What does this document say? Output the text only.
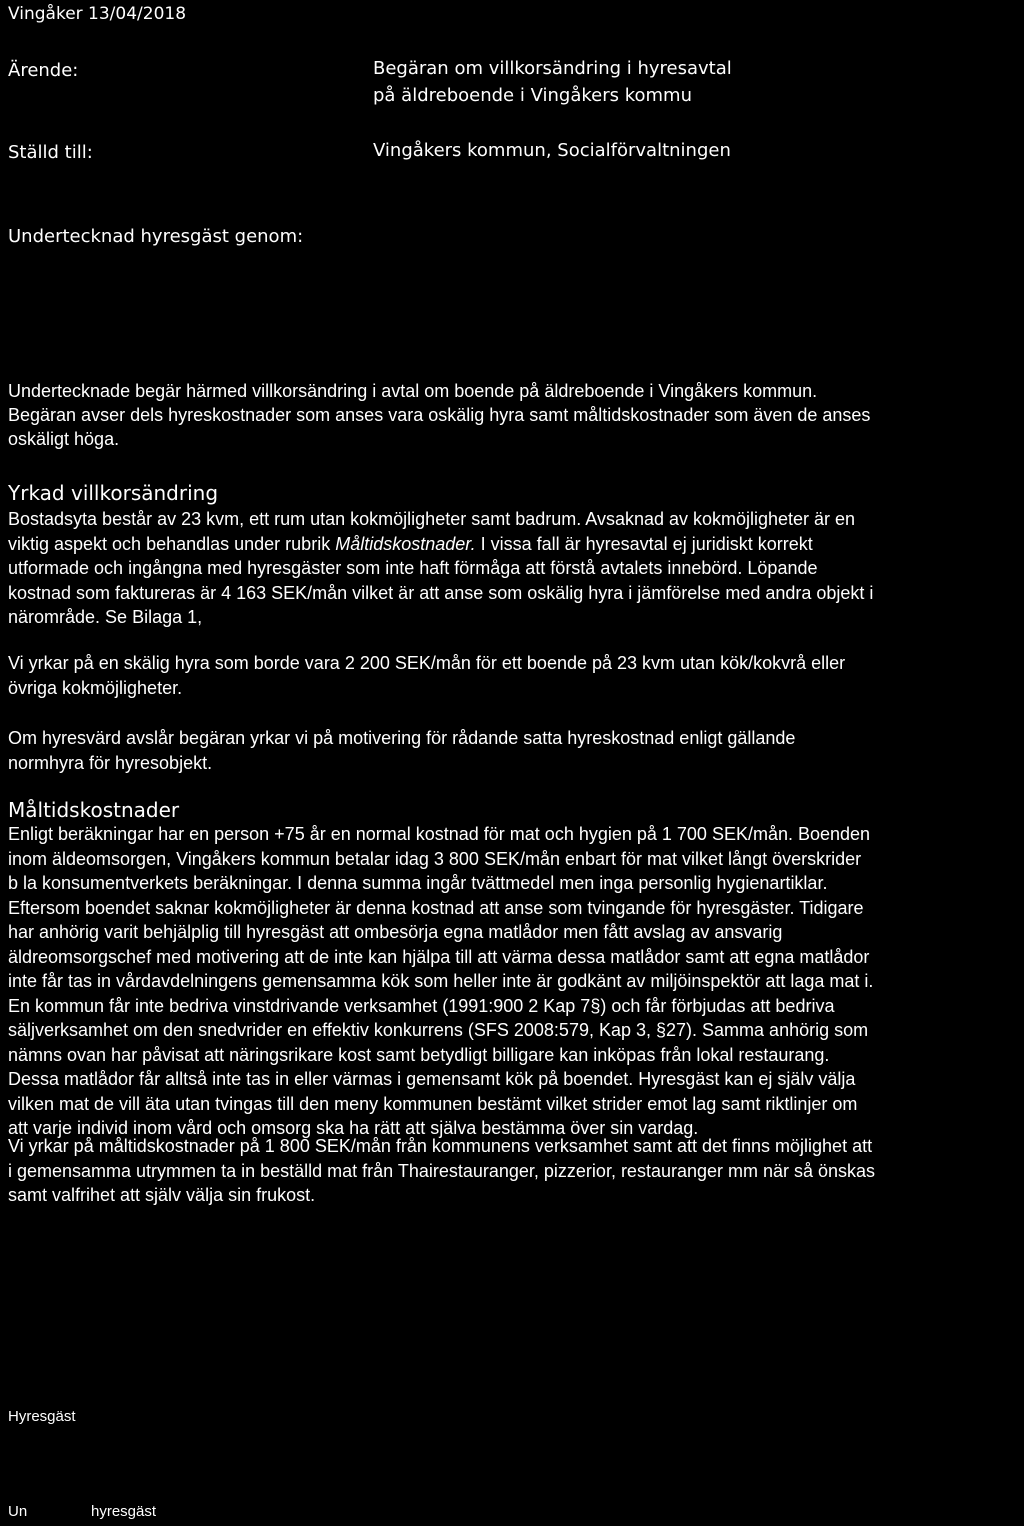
Vingåker 13/04/2018
Ärende:	Begäran om villkorsändring i hyresavtal
på äldreboende i Vingåkers kommu
Ställd till:	Vingåkers kommun, Socialförvaltningen
Undertecknad hyresgäst genom:
Undertecknade begär härmed villkorsändring i avtal om boende på äldreboende i Vingåkers kommun.
Begäran avser dels hyreskostnader som anses vara oskälig hyra samt måltidskostnader som även de anses
oskäligt höga.
Yrkad villkorsändring
Bostadsyta består av 23 kvm, ett rum utan kokmöjligheter samt badrum. Avsaknad av kokmöjligheter är en
viktig aspekt och behandlas under rubrik Måltidskostnader. I vissa fall är hyresavtal ej juridiskt korrekt
utformade och ingångna med hyresgäster som inte haft förmåga att förstå avtalets innebörd. Löpande
kostnad som faktureras är 4 163 SEK/mån vilket är att anse som oskälig hyra i jämförelse med andra objekt i
närområde. Se Bilaga 1,
Vi yrkar på en skälig hyra som borde vara 2 200 SEK/mån för ett boende på 23 kvm utan kök/kokvrå eller
övriga kokmöjligheter.
Om hyresvärd avslår begäran yrkar vi på motivering för rådande satta hyreskostnad enligt gällande
normhyra för hyresobjekt.
Måltidskostnader
Enligt beräkningar har en person +75 år en normal kostnad för mat och hygien på 1 700 SEK/mån. Boenden
inom äldeomsorgen, Vingåkers kommun betalar idag 3 800 SEK/mån enbart för mat vilket långt överskrider
b la konsumentverkets beräkningar. I denna summa ingår tvättmedel men inga personlig hygienartiklar.
Eftersom boendet saknar kokmöjligheter är denna kostnad att anse som tvingande för hyresgäster. Tidigare
har anhörig varit behjälplig till hyresgäst att ombesörja egna matlådor men fått avslag av ansvarig
äldreomsorgschef med motivering att de inte kan hjälpa till att värma dessa matlådor samt att egna matlådor
inte får tas in vårdavdelningens gemensamma kök som heller inte är godkänt av miljöinspektör att laga mat i.
En kommun får inte bedriva vinstdrivande verksamhet (1991:900 2 Kap 7§) och får förbjudas att bedriva
säljverksamhet om den snedvrider en effektiv konkurrens (SFS 2008:579, Kap 3, §27). Samma anhörig som
nämns ovan har påvisat att näringsrikare kost samt betydligt billigare kan inköpas från lokal restaurang.
Dessa matlådor får alltså inte tas in eller värmas i gemensamt kök på boendet. Hyresgäst kan ej själv välja
vilken mat de vill äta utan tvingas till den meny kommunen bestämt vilket strider emot lag samt riktlinjer om
att varje individ inom vård och omsorg ska ha rätt att själva bestämma över sin vardag.
Vi yrkar på måltidskostnader på 1 800 SEK/mån från kommunens verksamhet samt att det finns möjlighet att
i gemensamma utrymmen ta in beställd mat från Thairestauranger, pizzerior, restauranger mm när så önskas
samt valfrihet att själv välja sin frukost.
Hyresgäst
Un	hyresgäst
